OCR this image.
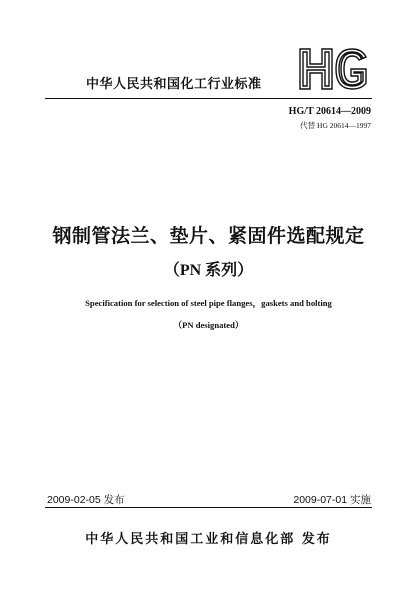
中华人民共和国化工行业标准
HG/T 20614—2009
代替 HG 20614—1997
钢制管法兰、垫片、紧固件选配规定
（PN 系列）
Specification for selection of steel pipe flanges，gaskets and bolting
（PN designated）
2009-02-05 发布	2009-07-01 实施
中华人民共和国工业和信息化部 发布
